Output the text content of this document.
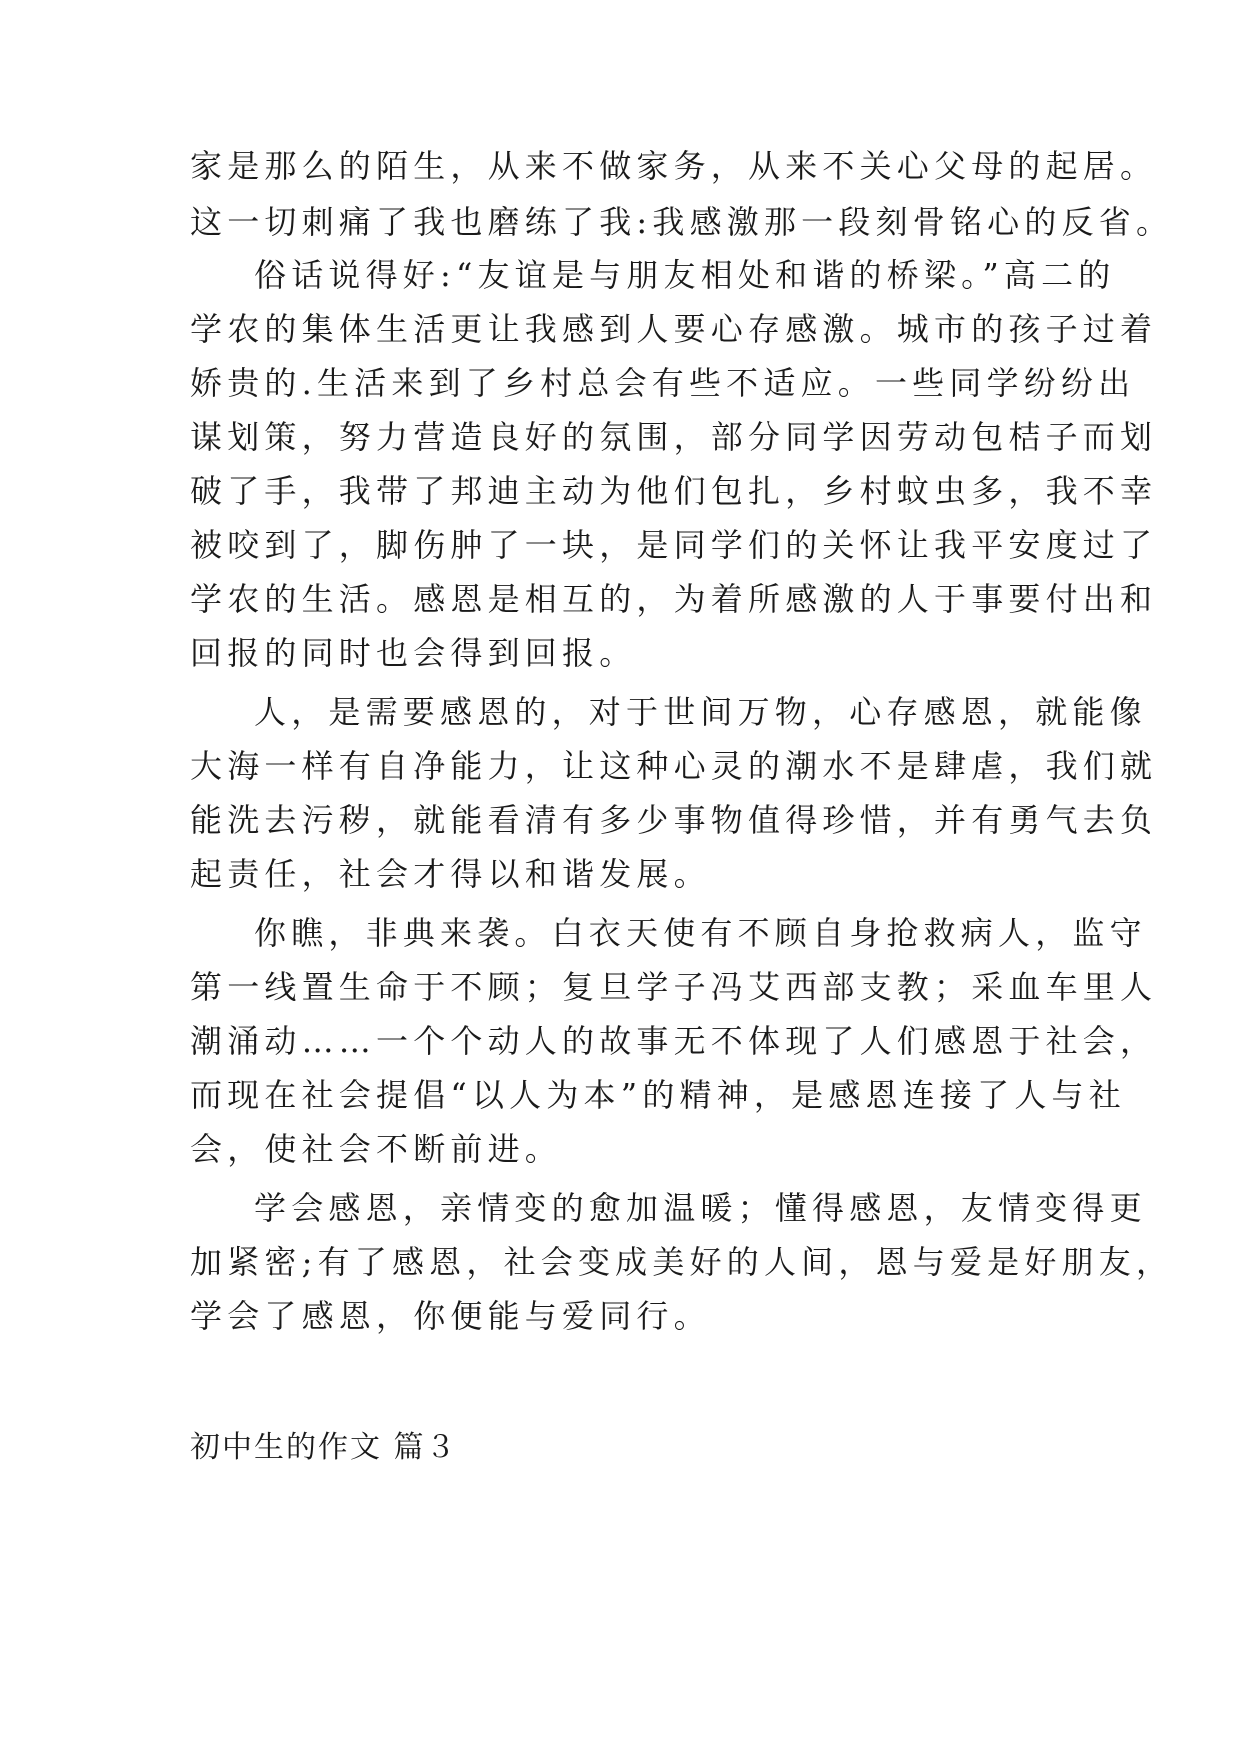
家是那么的陌生，从来不做家务，从来不关心父母的起居。
这一切刺痛了我也磨练了我:我感激那一段刻骨铭心的反省。
俗话说得好:“友谊是与朋友相处和谐的桥梁。”高二的
学农的集体生活更让我感到人要心存感激。城市的孩子过着
娇贵的.生活来到了乡村总会有些不适应。一些同学纷纷出
谋划策，努力营造良好的氛围，部分同学因劳动包桔子而划
破了手，我带了邦迪主动为他们包扎，乡村蚊虫多，我不幸
被咬到了，脚伤肿了一块，是同学们的关怀让我平安度过了
学农的生活。感恩是相互的，为着所感激的人于事要付出和
回报的同时也会得到回报。
人，是需要感恩的，对于世间万物，心存感恩，就能像
大海一样有自净能力，让这种心灵的潮水不是肆虐，我们就
能洗去污秽，就能看清有多少事物值得珍惜，并有勇气去负
起责任，社会才得以和谐发展。
你瞧，非典来袭。白衣天使有不顾自身抢救病人，监守
第一线置生命于不顾；复旦学子冯艾西部支教；采血车里人
潮涌动……一个个动人的故事无不体现了人们感恩于社会，
而现在社会提倡“以人为本”的精神，是感恩连接了人与社
会，使社会不断前进。
学会感恩，亲情变的愈加温暖；懂得感恩，友情变得更
加紧密;有了感恩，社会变成美好的人间，恩与爱是好朋友，
学会了感恩，你便能与爱同行。
初中生的作文 篇３
